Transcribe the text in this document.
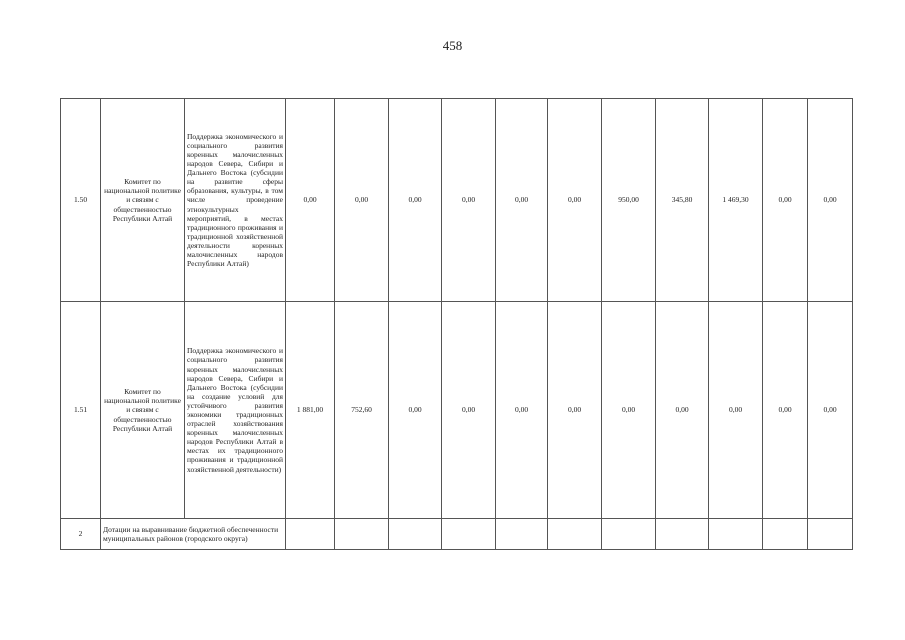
458
1.50	Комитет по национальной политике и связям с общественностью Республики Алтай	Поддержка экономического и социального развития коренных малочисленных народов Севера, Сибири и Дальнего Востока (субсидии на развитие сферы образования, культуры, в том числе проведение этнокультурных мероприятий, в местах традиционного проживания и традиционной хозяйственной деятельности коренных малочисленных народов Республики Алтай)	0,00	0,00	0,00	0,00	0,00	0,00	950,00	345,80	1 469,30	0,00	0,00
1.51	Комитет по национальной политике и связям с общественностью Республики Алтай	Поддержка экономического и социального развития коренных малочисленных народов Севера, Сибири и Дальнего Востока (субсидии на создание условий для устойчивого развития экономики традиционных отраслей хозяйствования коренных малочисленных народов Республики Алтай в местах их традиционного проживания и традиционной хозяйственной деятельности)	1 881,00	752,60	0,00	0,00	0,00	0,00	0,00	0,00	0,00	0,00	0,00
2	Дотации на выравнивание бюджетной обеспеченности муниципальных районов (городского округа)												
